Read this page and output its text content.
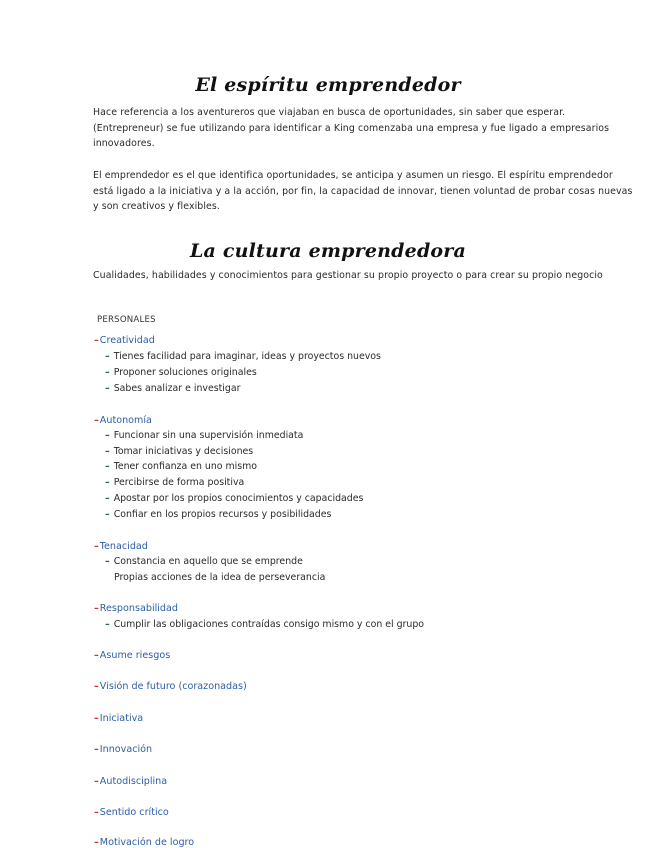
El espíritu emprendedor

Hace referencia a los aventureros que viajaban en busca de oportunidades, sin saber que esperar. (Entrepreneur) se fue utilizando para identificar a King comenzaba una empresa y fue ligado a empresarios innovadores.

El emprendedor es el que identifica oportunidades, se anticipa y asumen un riesgo. El espíritu emprendedor está ligado a la iniciativa y a la acción, por fin, la capacidad de innovar, tienen voluntad de probar cosas nuevas y son creativos y flexibles.

La cultura emprendedora

Cualidades, habilidades y conocimientos para gestionar su propio proyecto o para crear su propio negocio

PERSONALES
–Creatividad
– Tienes facilidad para imaginar, ideas y proyectos nuevos
– Proponer soluciones originales
– Sabes analizar e investigar
–Autonomía
– Funcionar sin una supervisión inmediata
– Tomar iniciativas y decisiones
– Tener confianza en uno mismo
– Percibirse de forma positiva
– Apostar por los propios conocimientos y capacidades
– Confiar en los propios recursos y posibilidades
–Tenacidad
– Constancia en aquello que se emprende
Propias acciones de la idea de perseverancia
–Responsabilidad
– Cumplir las obligaciones contraídas consigo mismo y con el grupo
–Asume riesgos
–Visión de futuro (corazonadas)
–Iniciativa
–Innovación
–Autodisciplina
–Sentido crítico
–Motivación de logro
